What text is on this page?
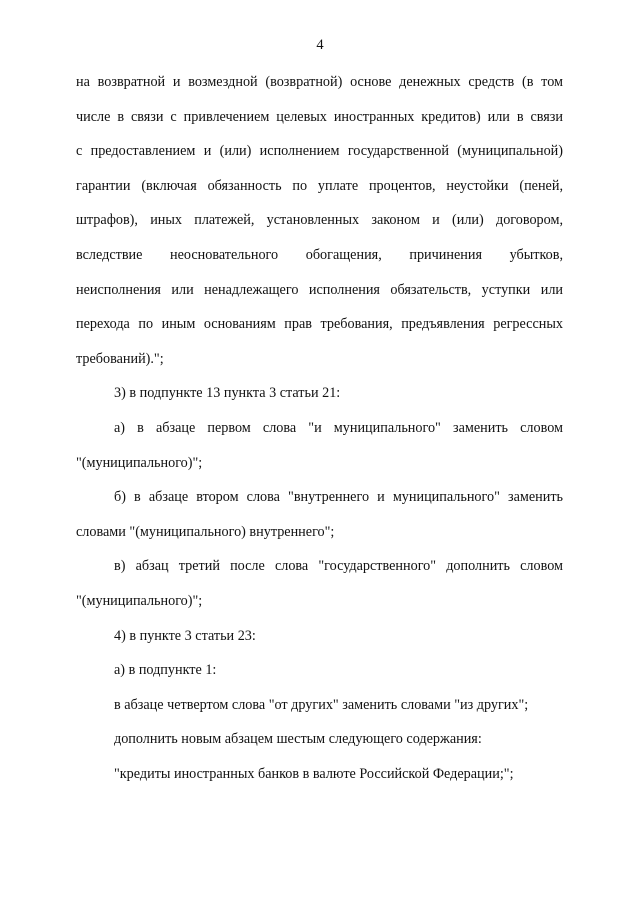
4
на возвратной и возмездной (возвратной) основе денежных средств (в том
числе в связи с привлечением целевых иностранных кредитов) или в связи
с предоставлением и (или) исполнением государственной (муниципальной)
гарантии (включая обязанность по уплате процентов, неустойки (пеней,
штрафов), иных платежей, установленных законом и (или) договором,
вследствие неосновательного обогащения, причинения убытков,
неисполнения или ненадлежащего исполнения обязательств, уступки или
перехода по иным основаниям прав требования, предъявления регрессных
требований).";
3) в подпункте 13 пункта 3 статьи 21:
а) в абзаце первом слова "и муниципального" заменить словом
"(муниципального)";
б) в абзаце втором слова "внутреннего и муниципального" заменить
словами "(муниципального) внутреннего";
в) абзац третий после слова "государственного" дополнить словом
"(муниципального)";
4) в пункте 3 статьи 23:
а) в подпункте 1:
в абзаце четвертом слова "от других" заменить словами "из других";
дополнить новым абзацем шестым следующего содержания:
"кредиты иностранных банков в валюте Российской Федерации;";
